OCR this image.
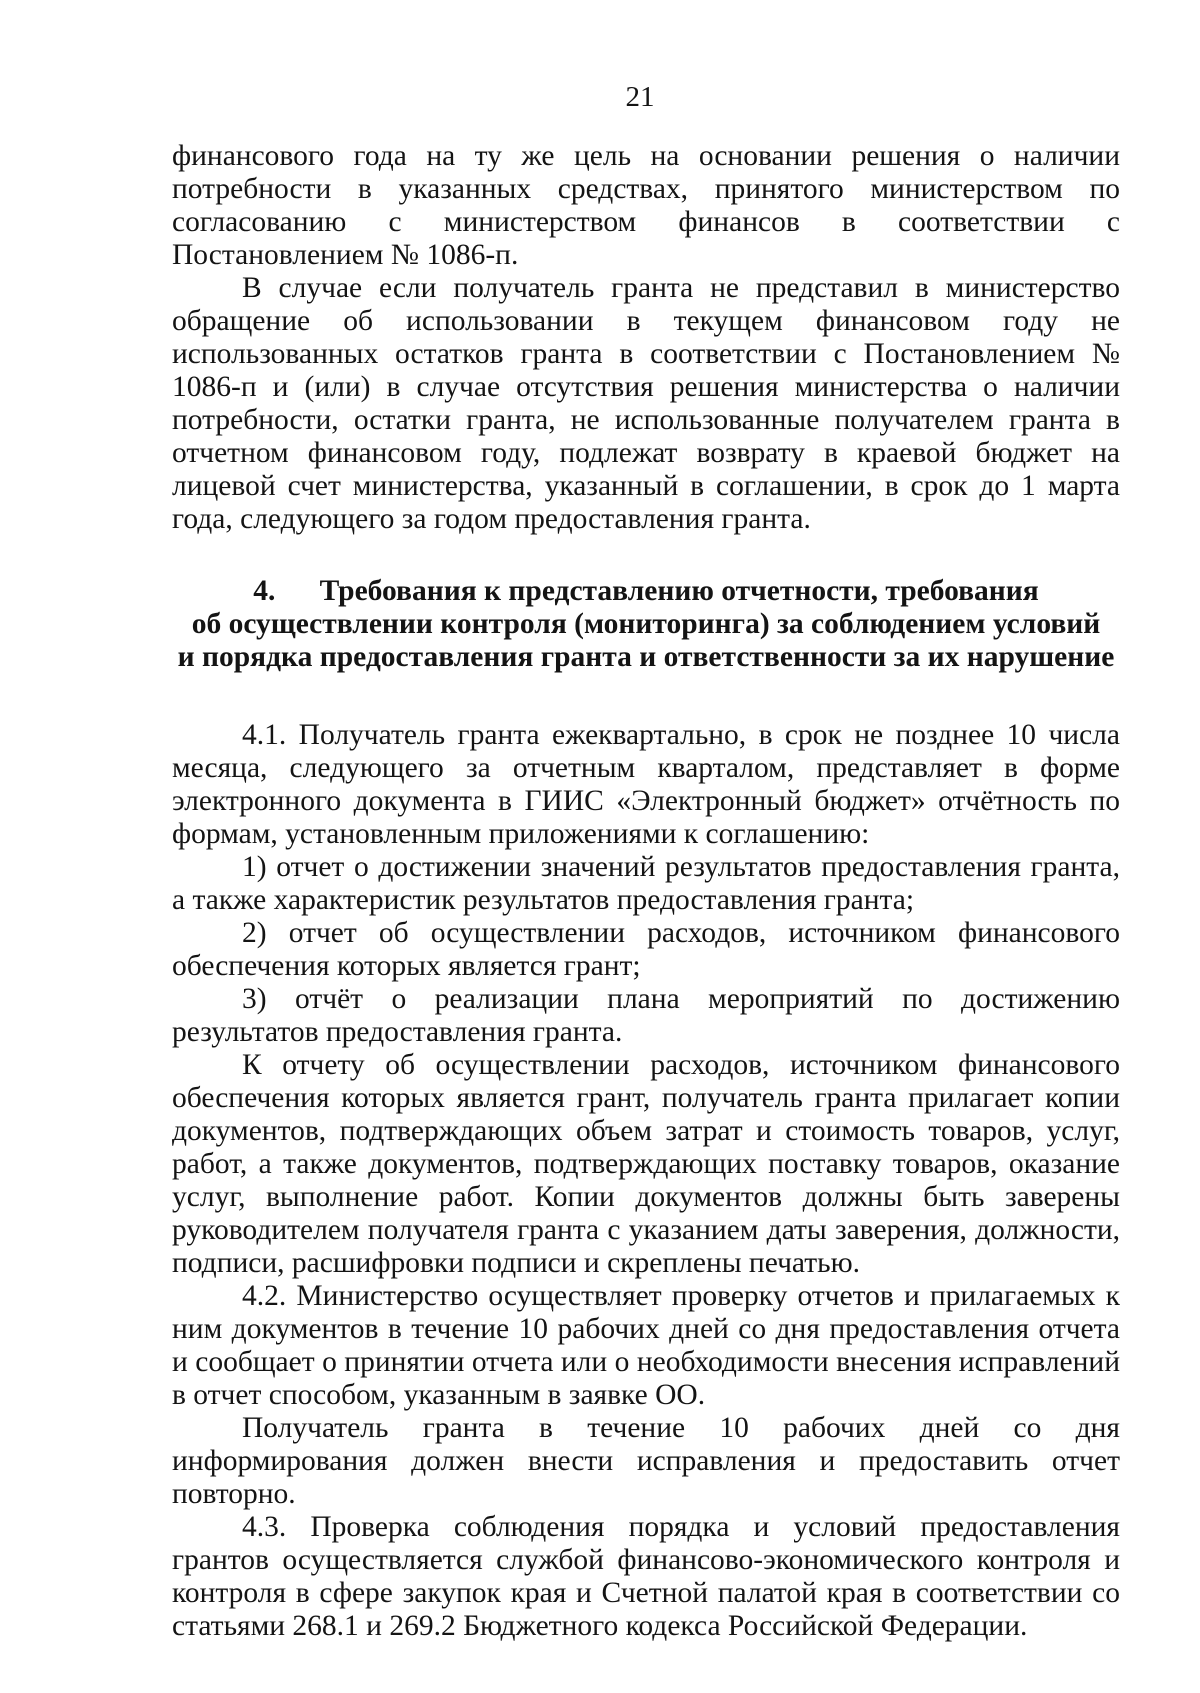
21

финансового года на ту же цель на основании решения о наличии потребности в указанных средствах, принятого министерством по согласованию с министерством финансов в соответствии с Постановлением № 1086-п.

В случае если получатель гранта не представил в министерство обращение об использовании в текущем финансовом году не использованных остатков гранта в соответствии с Постановлением № 1086-п и (или) в случае отсутствия решения министерства о наличии потребности, остатки гранта, не использованные получателем гранта в отчетном финансовом году, подлежат возврату в краевой бюджет на лицевой счет министерства, указанный в соглашении, в срок до 1 марта года, следующего за годом предоставления гранта.

4.  Требования к представлению отчетности, требования
об осуществлении контроля (мониторинга) за соблюдением условий
и порядка предоставления гранта и ответственности за их нарушение

4.1. Получатель гранта ежеквартально, в срок не позднее 10 числа месяца, следующего за отчетным кварталом, представляет в форме электронного документа в ГИИС «Электронный бюджет» отчётность по формам, установленным приложениями к соглашению:

1) отчет о достижении значений результатов предоставления гранта, а также характеристик результатов предоставления гранта;

2) отчет об осуществлении расходов, источником финансового обеспечения которых является грант;

3) отчёт о реализации плана мероприятий по достижению результатов предоставления гранта.

К отчету об осуществлении расходов, источником финансового обеспечения которых является грант, получатель гранта прилагает копии документов, подтверждающих объем затрат и стоимость товаров, услуг, работ, а также документов, подтверждающих поставку товаров, оказание услуг, выполнение работ. Копии документов должны быть заверены руководителем получателя гранта с указанием даты заверения, должности, подписи, расшифровки подписи и скреплены печатью.

4.2. Министерство осуществляет проверку отчетов и прилагаемых к ним документов в течение 10 рабочих дней со дня предоставления отчета и сообщает о принятии отчета или о необходимости внесения исправлений в отчет способом, указанным в заявке ОО.

Получатель гранта в течение 10 рабочих дней со дня информирования должен внести исправления и предоставить отчет повторно.

4.3. Проверка соблюдения порядка и условий предоставления грантов осуществляется службой финансово-экономического контроля и контроля в сфере закупок края и Счетной палатой края в соответствии со статьями 268.1 и 269.2 Бюджетного кодекса Российской Федерации.
